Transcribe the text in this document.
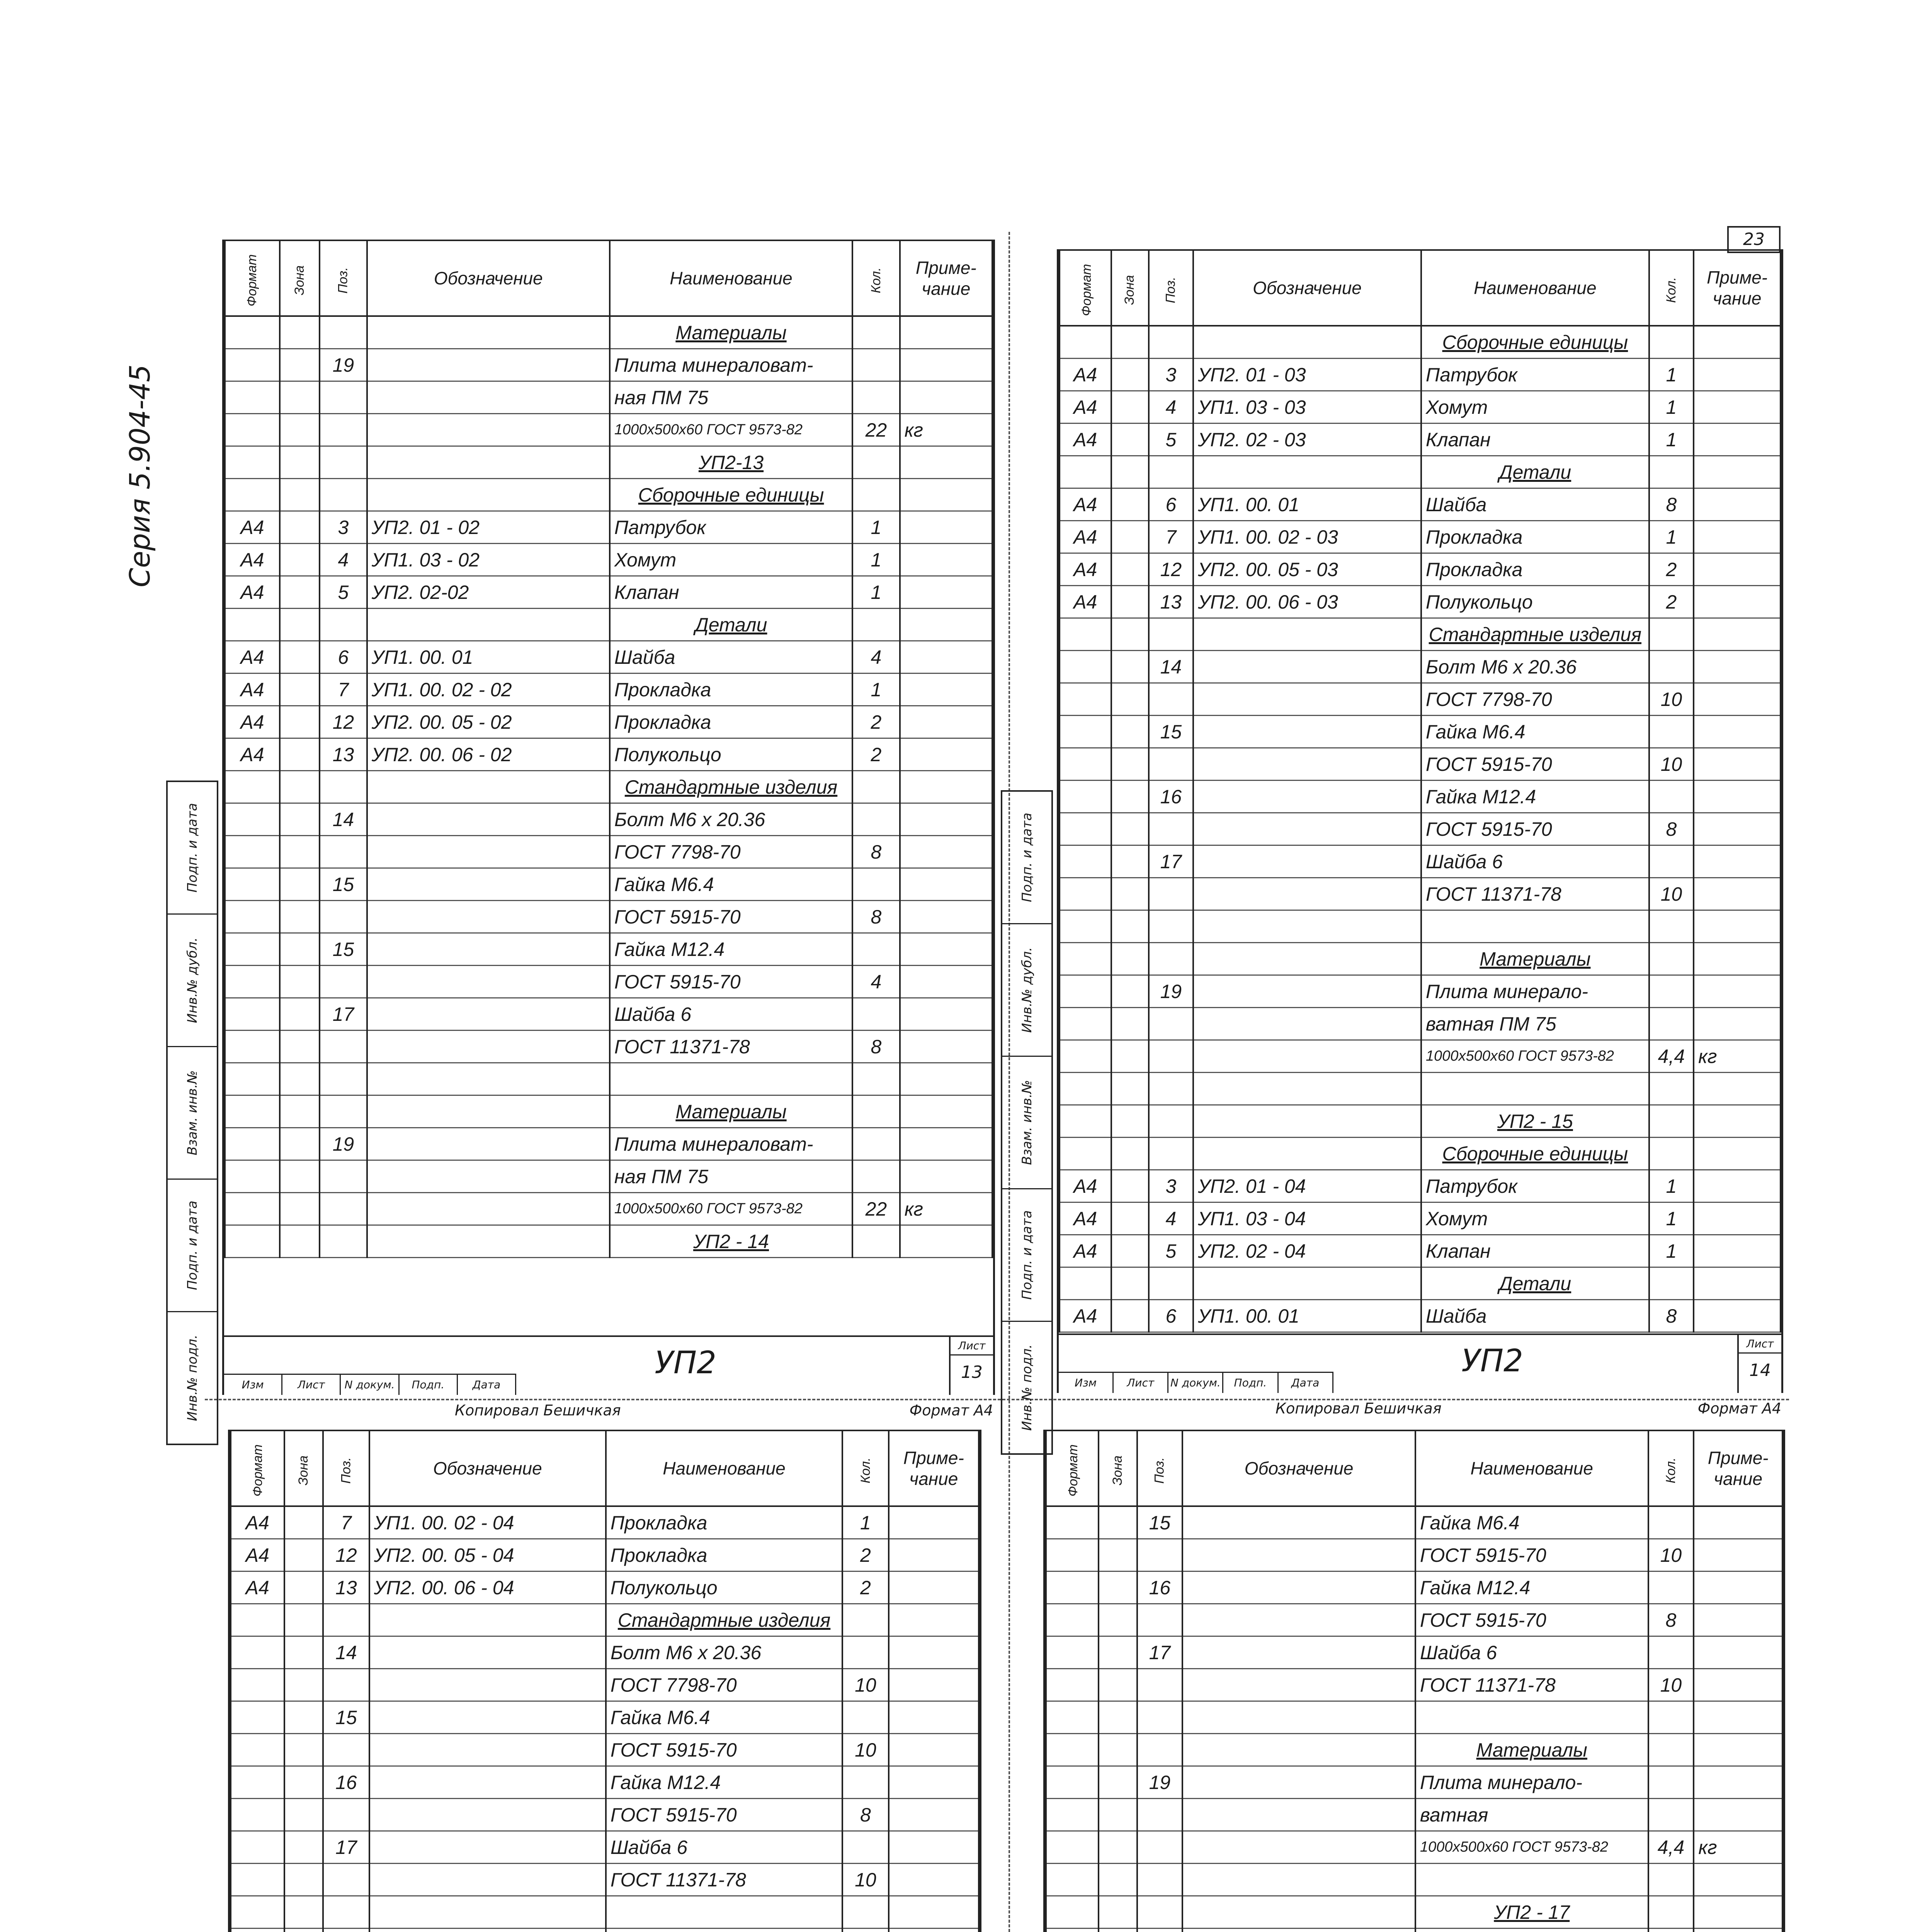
23
Формат	Зона	Поз.	Обозначение	Наименование	Кол.	Приме- чание
				Материалы		
		19		Плита минераловат-		
				ная ПМ 75		
				1000х500х60 ГОСТ 9573-82	22	кг
				УП2-13		
				Сборочные единицы		
А4		3	УП2. 01 - 02	Патрубок	1	
А4		4	УП1. 03 - 02	Хомут	1	
А4		5	УП2. 02-02	Клапан	1	
				Детали		
А4		6	УП1. 00. 01	Шайба	4	
А4		7	УП1. 00. 02 - 02	Прокладка	1	
А4		12	УП2. 00. 05 - 02	Прокладка	2	
А4		13	УП2. 00. 06 - 02	Полукольцо	2	
				Стандартные изделия		
		14		Болт М6 х 20.36		
				ГОСТ 7798-70	8	
		15		Гайка М6.4		
				ГОСТ 5915-70	8	
		15		Гайка М12.4		
				ГОСТ 5915-70	4	
		17		Шайба 6		
				ГОСТ 11371-78	8	

				Материалы		
		19		Плита минераловат-		
				ная ПМ 75		
				1000х500х60 ГОСТ 9573-82	22	кг
				УП2 - 14		
УП2	Лист
13
Изм	Лист	N докум.	Подп.	Дата
Копировал Бешичкая	Формат А4
Подп. и дата
Инв.№ дубл.
Взам. инв.№
Подп. и дата
Инв.№ подл.
Серия 5.904-45
Формат	Зона	Поз.	Обозначение	Наименование	Кол.	Приме- чание
				Сборочные единицы		
А4		3	УП2. 01 - 03	Патрубок	1	
А4		4	УП1. 03 - 03	Хомут	1	
А4		5	УП2. 02 - 03	Клапан	1	
				Детали		
А4		6	УП1. 00. 01	Шайба	8	
А4		7	УП1. 00. 02 - 03	Прокладка	1	
А4		12	УП2. 00. 05 - 03	Прокладка	2	
А4		13	УП2. 00. 06 - 03	Полукольцо	2	
				Стандартные изделия		
		14		Болт М6 х 20.36		
				ГОСТ 7798-70	10	
		15		Гайка М6.4		
				ГОСТ 5915-70	10	
		16		Гайка М12.4		
				ГОСТ 5915-70	8	
		17		Шайба 6		
				ГОСТ 11371-78	10	

				Материалы		
		19		Плита минерало-		
				ватная ПМ 75		
				1000х500х60 ГОСТ 9573-82	4,4	кг

				УП2 - 15		
				Сборочные единицы		
А4		3	УП2. 01 - 04	Патрубок	1	
А4		4	УП1. 03 - 04	Хомут	1	
А4		5	УП2. 02 - 04	Клапан	1	
				Детали		
А4		6	УП1. 00. 01	Шайба	8	
УП2	Лист
14
Изм	Лист	N докум.	Подп.	Дата
Копировал Бешичкая	Формат А4
Подп. и дата
Инв.№ дубл.
Взам. инв.№
Подп. и дата
Инв.№ подл.
Формат	Зона	Поз.	Обозначение	Наименование	Кол.	Приме- чание
А4		7	УП1. 00. 02 - 04	Прокладка	1	
А4		12	УП2. 00. 05 - 04	Прокладка	2	
А4		13	УП2. 00. 06 - 04	Полукольцо	2	
				Стандартные изделия		
		14		Болт М6 х 20.36		
				ГОСТ 7798-70	10	
		15		Гайка М6.4		
				ГОСТ 5915-70	10	
		16		Гайка М12.4		
				ГОСТ 5915-70	8	
		17		Шайба 6		
				ГОСТ 11371-78	10	

Формат	Зона	Поз.	Обозначение	Наименование	Кол.	Приме- чание
		15		Гайка М6.4		
				ГОСТ 5915-70	10	
		16		Гайка М12.4		
				ГОСТ 5915-70	8	
		17		Шайба 6		
				ГОСТ 11371-78	10	

				Материалы		
		19		Плита минерало-		
				ватная		
				1000х500х60 ГОСТ 9573-82	4,4	кг

				УП2 - 17		
